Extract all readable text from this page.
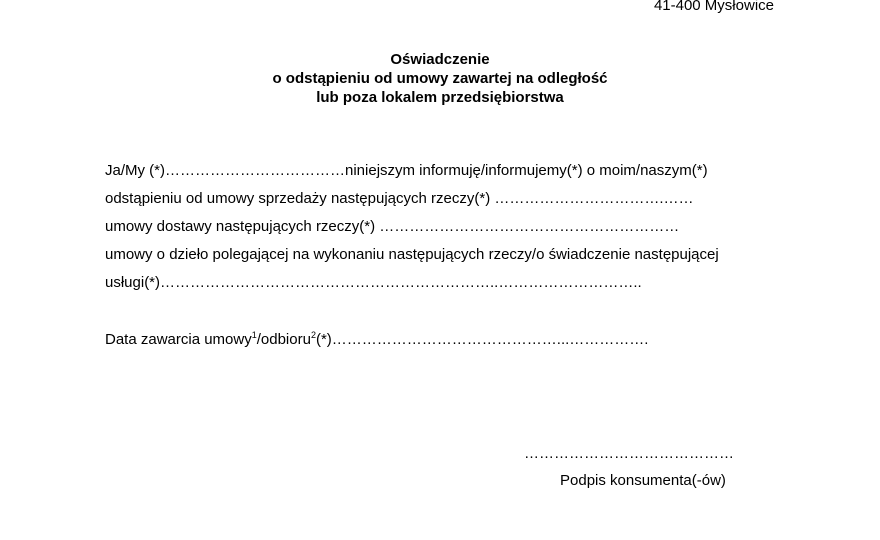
41-400 Mysłowice
Oświadczenie
o odstąpieniu od umowy zawartej na odległość
lub poza lokalem przedsiębiorstwa
Ja/My (*)………………………………niniejszym informuję/informujemy(*) o moim/naszym(*)
odstąpieniu od umowy sprzedaży następujących rzeczy(*) …………………………….……
umowy dostawy następujących rzeczy(*) ……………………………………………………
umowy o dzieło polegającej na wykonaniu następujących rzeczy/o świadczenie następującej
usługi(*)…………………………………………………………..………………………..
Data zawarcia umowy$^1$/odbioru$^2$(*)………………………………………...…………….
……………………………………
Podpis konsumenta(-ów)
